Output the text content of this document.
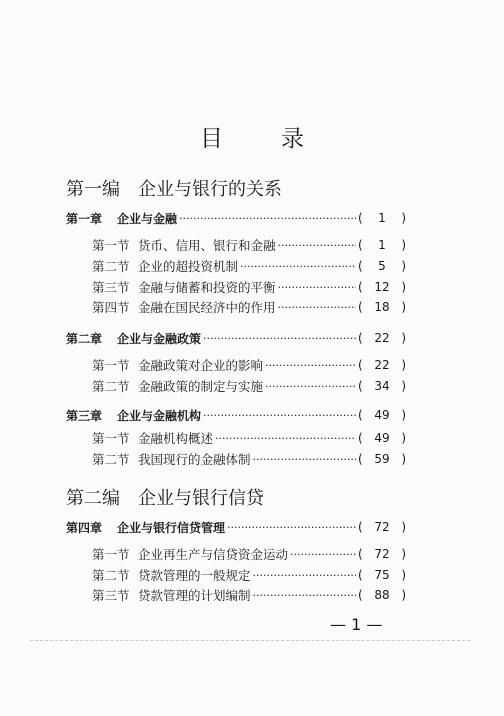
目录
第一编 企业与银行的关系
第一章	企业与金融 ·····	(	1	)
第一节 货币、信用、银行和金融 ·····	(	1	)
第二节 企业的超投资机制 ·····	(	5	)
第三节 金融与储蓄和投资的平衡 ·····	( 12 )
第四节 金融在国民经济中的作用 ·····	( 18 )
第二章	企业与金融政策 ·····	( 22 )
第一节 金融政策对企业的影响 ·····	( 22 )
第二节 金融政策的制定与实施 ·····	( 34 )
第三章	企业与金融机构 ·····	( 49 )
第一节 金融机构概述 ·····	( 49 )
第二节 我国现行的金融体制 ·····	( 59 )
第二编 企业与银行信贷
第四章	企业与银行信贷管理 ·····	( 72 )
第一节 企业再生产与信贷资金运动 ·····	( 72 )
第二节 贷款管理的一般规定 ·····	( 75 )
第三节 贷款管理的计划编制 ·····	( 88 )
— 1 —
